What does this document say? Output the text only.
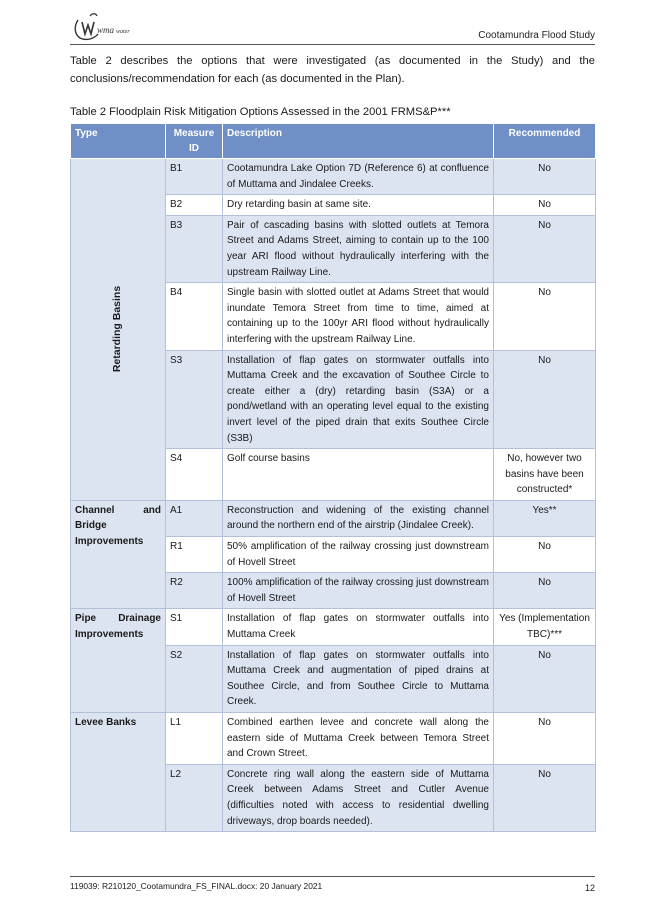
wma water	Cootamundra Flood Study

Table 2 describes the options that were investigated (as documented in the Study) and the conclusions/recommendation for each (as documented in the Plan).

Table 2 Floodplain Risk Mitigation Options Assessed in the 2001 FRMS&P***

Type	Measure ID	Description	Recommended

Retarding Basins	B1	Cootamundra Lake Option 7D (Reference 6) at confluence of Muttama and Jindalee Creeks.	No
	B2	Dry retarding basin at same site.	No
	B3	Pair of cascading basins with slotted outlets at Temora Street and Adams Street, aiming to contain up to the 100 year ARI flood without hydraulically interfering with the upstream Railway Line.	No
	B4	Single basin with slotted outlet at Adams Street that would inundate Temora Street from time to time, aimed at containing up to the 100yr ARI flood without hydraulically interfering with the upstream Railway Line.	No
	S3	Installation of flap gates on stormwater outfalls into Muttama Creek and the excavation of Southee Circle to create either a (dry) retarding basin (S3A) or a pond/wetland with an operating level equal to the existing invert level of the piped drain that exits Southee Circle (S3B)	No
	S4	Golf course basins	No, however two basins have been constructed*
Channel and Bridge Improvements	A1	Reconstruction and widening of the existing channel around the northern end of the airstrip (Jindalee Creek).	Yes**
	R1	50% amplification of the railway crossing just downstream of Hovell Street	No
	R2	100% amplification of the railway crossing just downstream of Hovell Street	No
Pipe Drainage Improvements	S1	Installation of flap gates on stormwater outfalls into Muttama Creek	Yes (Implementation TBC)***
	S2	Installation of flap gates on stormwater outfalls into Muttama Creek and augmentation of piped drains at Southee Circle, and from Southee Circle to Muttama Creek.	No
Levee Banks	L1	Combined earthen levee and concrete wall along the eastern side of Muttama Creek between Temora Street and Crown Street.	No
	L2	Concrete ring wall along the eastern side of Muttama Creek between Adams Street and Cutler Avenue (difficulties noted with access to residential dwelling driveways, drop boards needed).	No
119039: R210120_Cootamundra_FS_FINAL.docx: 20 January 2021	12
